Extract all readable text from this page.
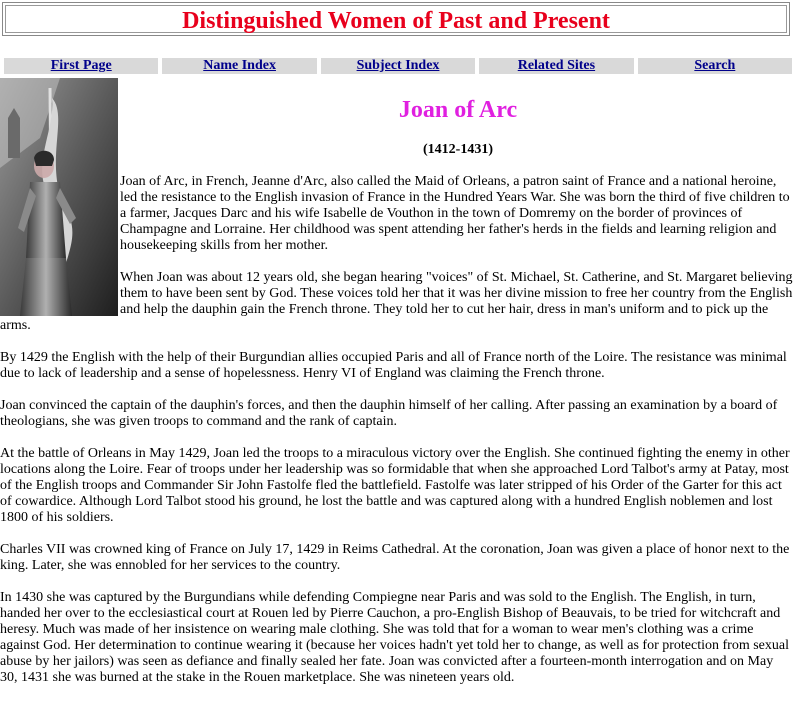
Distinguished Women of Past and Present
First Page	Name Index	Subject Index	Related Sites	Search
Joan of Arc
(1412-1431)

Joan of Arc, in French, Jeanne d'Arc, also called the Maid of Orleans, a patron saint of France and a national heroine, led the resistance to the English invasion of France in the Hundred Years War. She was born the third of five children to a farmer, Jacques Darc and his wife Isabelle de Vouthon in the town of Domremy on the border of provinces of Champagne and Lorraine. Her childhood was spent attending her father's herds in the fields and learning religion and housekeeping skills from her mother.

When Joan was about 12 years old, she began hearing "voices" of St. Michael, St. Catherine, and St. Margaret believing them to have been sent by God. These voices told her that it was her divine mission to free her country from the English and help the dauphin gain the French throne. They told her to cut her hair, dress in man's uniform and to pick up the arms.

By 1429 the English with the help of their Burgundian allies occupied Paris and all of France north of the Loire. The resistance was minimal due to lack of leadership and a sense of hopelessness. Henry VI of England was claiming the French throne.

Joan convinced the captain of the dauphin's forces, and then the dauphin himself of her calling. After passing an examination by a board of theologians, she was given troops to command and the rank of captain.

At the battle of Orleans in May 1429, Joan led the troops to a miraculous victory over the English. She continued fighting the enemy in other locations along the Loire. Fear of troops under her leadership was so formidable that when she approached Lord Talbot's army at Patay, most of the English troops and Commander Sir John Fastolfe fled the battlefield. Fastolfe was later stripped of his Order of the Garter for this act of cowardice. Although Lord Talbot stood his ground, he lost the battle and was captured along with a hundred English noblemen and lost 1800 of his soldiers.

Charles VII was crowned king of France on July 17, 1429 in Reims Cathedral. At the coronation, Joan was given a place of honor next to the king. Later, she was ennobled for her services to the country.

In 1430 she was captured by the Burgundians while defending Compiegne near Paris and was sold to the English. The English, in turn, handed her over to the ecclesiastical court at Rouen led by Pierre Cauchon, a pro-English Bishop of Beauvais, to be tried for witchcraft and heresy. Much was made of her insistence on wearing male clothing. She was told that for a woman to wear men's clothing was a crime against God. Her determination to continue wearing it (because her voices hadn't yet told her to change, as well as for protection from sexual abuse by her jailors) was seen as defiance and finally sealed her fate. Joan was convicted after a fourteen-month interrogation and on May 30, 1431 she was burned at the stake in the Rouen marketplace. She was nineteen years old.
